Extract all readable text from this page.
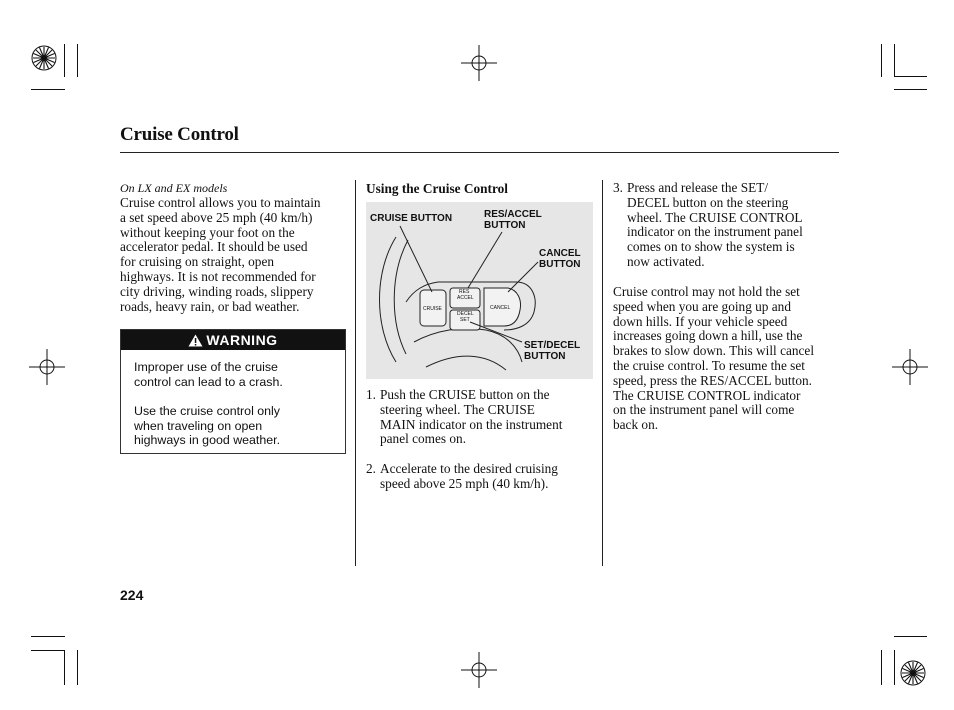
Cruise Control
On LX and EX models
Cruise control allows you to maintain
a set speed above 25 mph (40 km/h)
without keeping your foot on the
accelerator pedal. It should be used
for cruising on straight, open
highways. It is not recommended for
city driving, winding roads, slippery
roads, heavy rain, or bad weather.
WARNING
Improper use of the cruise
control can lead to a crash.
Use the cruise control only
when traveling on open
highways in good weather.
Using the Cruise Control
CRUISE
RES
ACCEL
DECEL
SET
CANCEL
CRUISE BUTTON	RES/ACCEL
BUTTON
CANCEL
BUTTON
SET/DECEL
BUTTON
1. Push the CRUISE button on the
steering wheel. The CRUISE
MAIN indicator on the instrument
panel comes on.
2. Accelerate to the desired cruising
speed above 25 mph (40 km/h).
3. Press and release the SET/
DECEL button on the steering
wheel. The CRUISE CONTROL
indicator on the instrument panel
comes on to show the system is
now activated.
Cruise control may not hold the set
speed when you are going up and
down hills. If your vehicle speed
increases going down a hill, use the
brakes to slow down. This will cancel
the cruise control. To resume the set
speed, press the RES/ACCEL button.
The CRUISE CONTROL indicator
on the instrument panel will come
back on.
224
